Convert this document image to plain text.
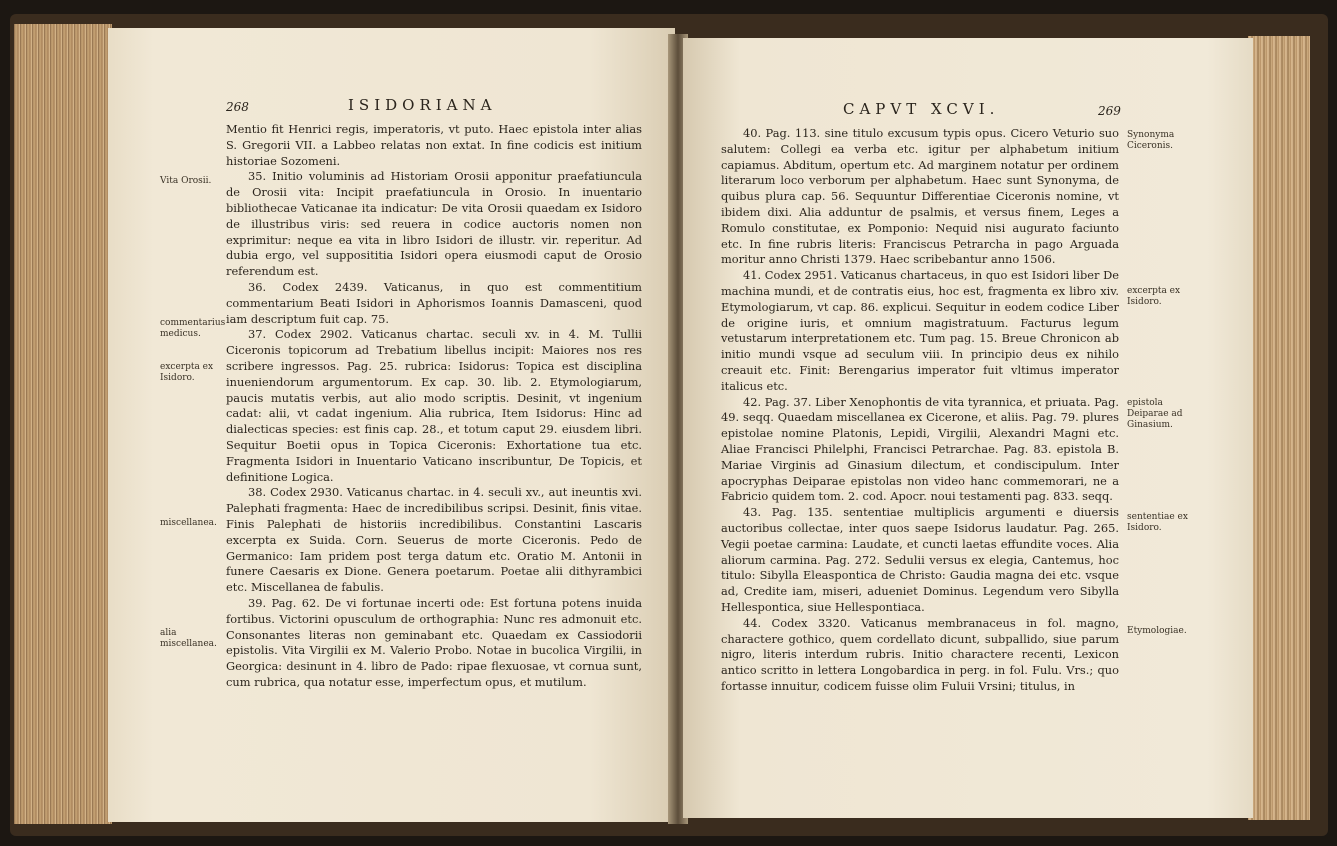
268	ISIDORIANA

Mentio fit Henrici regis, imperatoris, vt puto. Haec epistola inter alias S. Gregorii VII. a Labbeo relatas non extat. In fine codicis est initium historiae Sozomeni.

35. Initio voluminis ad Historiam Orosii apponitur praefatiuncula de Orosii vita: Incipit praefatiuncula in Orosio. In inuentario bibliothecae Vaticanae ita indicatur: De vita Orosii quaedam ex Isidoro de illustribus viris: sed reuera in codice auctoris nomen non exprimitur: neque ea vita in libro Isidori de illustr. vir. reperitur. Ad dubia ergo, vel supposititia Isidori opera eiusmodi caput de Orosio referendum est.

36. Codex 2439. Vaticanus, in quo est commentitium commentarium Beati Isidori in Aphorismos Ioannis Damasceni, quod iam descriptum fuit cap. 75.

37. Codex 2902. Vaticanus chartac. seculi xv. in 4. M. Tullii Ciceronis topicorum ad Trebatium libellus incipit: Maiores nos res scribere ingressos. Pag. 25. rubrica: Isidorus: Topica est disciplina inueniendorum argumentorum. Ex cap. 30. lib. 2. Etymologiarum, paucis mutatis verbis, aut alio modo scriptis. Desinit, vt ingenium cadat: alii, vt cadat ingenium. Alia rubrica, Item Isidorus: Hinc ad dialecticas species: est finis cap. 28., et totum caput 29. eiusdem libri. Sequitur Boetii opus in Topica Ciceronis: Exhortatione tua etc. Fragmenta Isidori in Inuentario Vaticano inscribuntur, De Topicis, et definitione Logica.

38. Codex 2930. Vaticanus chartac. in 4. seculi xv., aut ineuntis xvi. Palephati fragmenta: Haec de incredibilibus scripsi. Desinit, finis vitae. Finis Palephati de historiis incredibilibus. Constantini Lascaris excerpta ex Suida. Corn. Seuerus de morte Ciceronis. Pedo de Germanico: Iam pridem post terga datum etc. Oratio M. Antonii in funere Caesaris ex Dione. Genera poetarum. Poetae alii dithyrambici etc. Miscellanea de fabulis.

39. Pag. 62. De vi fortunae incerti ode: Est fortuna potens inuida fortibus. Victorini opusculum de orthographia: Nunc res admonuit etc. Consonantes literas non geminabant etc. Quaedam ex Cassiodorii epistolis. Vita Virgilii ex M. Valerio Probo. Notae in bucolica Virgilii, in Georgica: desinunt in 4. libro de Pado: ripae flexuosae, vt cornua sunt, cum rubrica, qua notatur esse, imperfectum opus, et mutilum.

Vita Orosii.
commentarius medicus.
excerpta ex Isidoro.
miscellanea.
alia miscellanea.
CAPVT XCVI.	269

40. Pag. 113. sine titulo excusum typis opus. Cicero Veturio suo salutem: Collegi ea verba etc. igitur per alphabetum initium capiamus. Abditum, opertum etc. Ad marginem notatur per ordinem literarum loco verborum per alphabetum. Haec sunt Synonyma, de quibus plura cap. 56. Sequuntur Differentiae Ciceronis nomine, vt ibidem dixi. Alia adduntur de psalmis, et versus finem, Leges a Romulo constitutae, ex Pomponio: Nequid nisi augurato faciunto etc. In fine rubris literis: Franciscus Petrarcha in pago Arguada moritur anno Christi 1379. Haec scribebantur anno 1506.

41. Codex 2951. Vaticanus chartaceus, in quo est Isidori liber De machina mundi, et de contratis eius, hoc est, fragmenta ex libro xiv. Etymologiarum, vt cap. 86. explicui. Sequitur in eodem codice Liber de origine iuris, et omnium magistratuum. Facturus legum vetustarum interpretationem etc. Tum pag. 15. Breue Chronicon ab initio mundi vsque ad seculum viii. In principio deus ex nihilo creauit etc. Finit: Berengarius imperator fuit vltimus imperator italicus etc.

42. Pag. 37. Liber Xenophontis de vita tyrannica, et priuata. Pag. 49. seqq. Quaedam miscellanea ex Cicerone, et aliis. Pag. 79. plures epistolae nomine Platonis, Lepidi, Virgilii, Alexandri Magni etc. Aliae Francisci Philelphi, Francisci Petrarchae. Pag. 83. epistola B. Mariae Virginis ad Ginasium dilectum, et condiscipulum. Inter apocryphas Deiparae epistolas non video hanc commemorari, ne a Fabricio quidem tom. 2. cod. Apocr. noui testamenti pag. 833. seqq.

43. Pag. 135. sententiae multiplicis argumenti e diuersis auctoribus collectae, inter quos saepe Isidorus laudatur. Pag. 265. Vegii poetae carmina: Laudate, et cuncti laetas effundite voces. Alia aliorum carmina. Pag. 272. Sedulii versus ex elegia, Cantemus, hoc titulo: Sibylla Eleaspontica de Christo: Gaudia magna dei etc. vsque ad, Credite iam, miseri, adueniet Dominus. Legendum vero Sibylla Hellespontica, siue Hellespontiaca.

44. Codex 3320. Vaticanus membranaceus in fol. magno, charactere gothico, quem cordellato dicunt, subpallido, siue parum nigro, literis interdum rubris. Initio charactere recenti, Lexicon antico scritto in lettera Longobardica in perg. in fol. Fulu. Vrs.; quo fortasse innuitur, codicem fuisse olim Fuluii Vrsini; titulus, in

Synonyma Ciceronis.
excerpta ex Isidoro.
epistola Deiparae ad Ginasium.
sententiae ex Isidoro.
Etymologiae.
